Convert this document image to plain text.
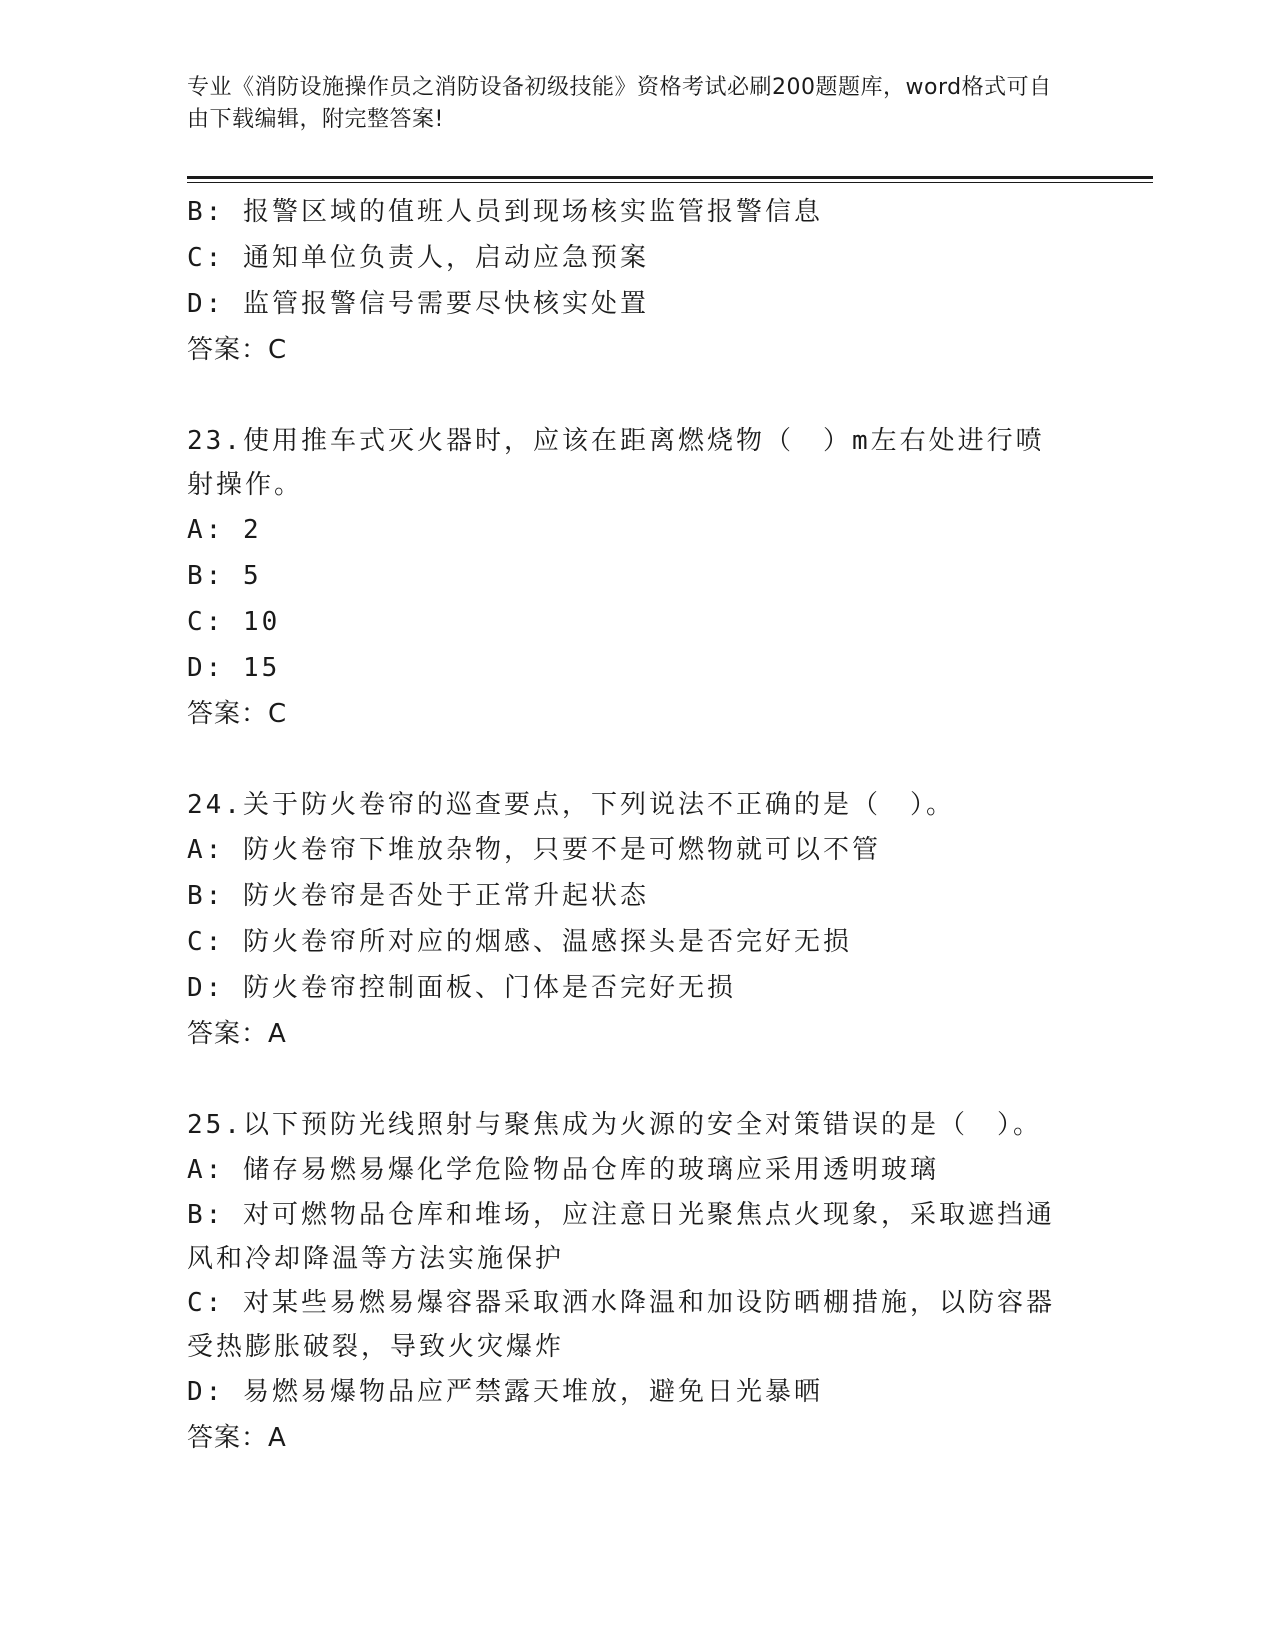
专业《消防设施操作员之消防设备初级技能》资格考试必刷200题题库，word格式可自由下载编辑，附完整答案!
B: 报警区域的值班人员到现场核实监管报警信息
C: 通知单位负责人，启动应急预案
D: 监管报警信号需要尽快核实处置
答案：C
23.使用推车式灭火器时，应该在距离燃烧物（　）m左右处进行喷射操作。
A: 2
B: 5
C: 10
D: 15
答案：C
24.关于防火卷帘的巡查要点，下列说法不正确的是（　）。
A: 防火卷帘下堆放杂物，只要不是可燃物就可以不管
B: 防火卷帘是否处于正常升起状态
C: 防火卷帘所对应的烟感、温感探头是否完好无损
D: 防火卷帘控制面板、门体是否完好无损
答案：A
25.以下预防光线照射与聚焦成为火源的安全对策错误的是（　）。
A: 储存易燃易爆化学危险物品仓库的玻璃应采用透明玻璃
B: 对可燃物品仓库和堆场，应注意日光聚焦点火现象，采取遮挡通风和冷却降温等方法实施保护
C: 对某些易燃易爆容器采取洒水降温和加设防晒棚措施，以防容器受热膨胀破裂，导致火灾爆炸
D: 易燃易爆物品应严禁露天堆放，避免日光暴晒
答案：A
